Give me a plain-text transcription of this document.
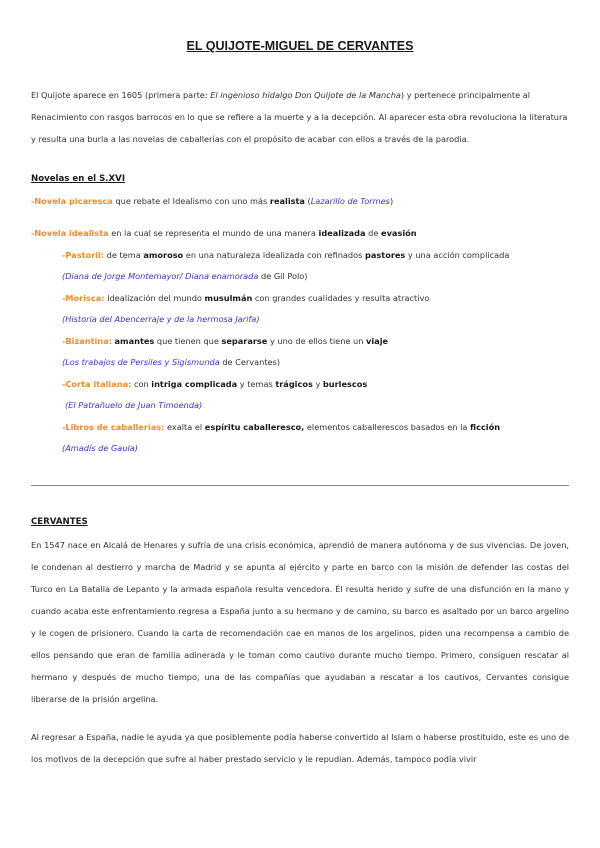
EL QUIJOTE-MIGUEL DE CERVANTES

El Quijote aparece en 1605 (primera parte: El ingenioso hidalgo Don Quijote de la Mancha) y pertenece principalmente al Renacimiento con rasgos barrocos en lo que se refiere a la muerte y a la decepción. Al aparecer esta obra revoluciona la literatura y resulta una burla a las novelas de caballerías con el propósito de acabar con ellos a través de la parodia.

Novelas en el S.XVI

-Novela picaresca que rebate el Idealismo con uno más realista (Lazarillo de Tormes)

-Novela idealista en la cual se representa el mundo de una manera idealizada de evasión

-Pastoril: de tema amoroso en una naturaleza idealizada con refinados pastores y una acción complicada

(Diana de Jorge Montemayor/ Diana enamorada de Gil Polo)

-Morisca: Idealización del mundo musulmán con grandes cualidades y resulta atractivo

(Historia del Abencerraje y de la hermosa Jarifa)

-Bizantina: amantes que tienen que separarse y uno de ellos tiene un viaje

(Los trabajos de Persiles y Sigismunda de Cervantes)

-Corta italiana: con intriga complicada y temas trágicos y burlescos

(El Patrañuelo de Juan Timoenda)

-Libros de caballerías: exalta el espíritu caballeresco, elementos caballerescos basados en la ficción

(Amadís de Gaula)

CERVANTES

En 1547 nace en Alcalá de Henares y sufría de una crisis económica, aprendió de manera autónoma y de sus vivencias. De joven, le condenan al destierro y marcha de Madrid y se apunta al ejército y parte en barco con la misión de defender las costas del Turco en La Batalla de Lepanto y la armada española resulta vencedora. Él resulta herido y sufre de una disfunción en la mano y cuando acaba este enfrentamiento regresa a España junto a su hermano y de camino, su barco es asaltado por un barco argelino y le cogen de prisionero. Cuando la carta de recomendación cae en manos de los argelinos, piden una recompensa a cambio de ellos pensando que eran de familia adinerada y le toman como cautivo durante mucho tiempo. Primero, consiguen rescatar al hermano y después de mucho tiempo, una de las compañías que ayudaban a rescatar a los cautivos, Cervantes consigue liberarse de la prisión argelina.

Al regresar a España, nadie le ayuda ya que posiblemente podía haberse convertido al Islam o haberse prostituido, este es uno de los motivos de la decepción que sufre al haber prestado servicio y le repudian. Además, tampoco podía vivir
